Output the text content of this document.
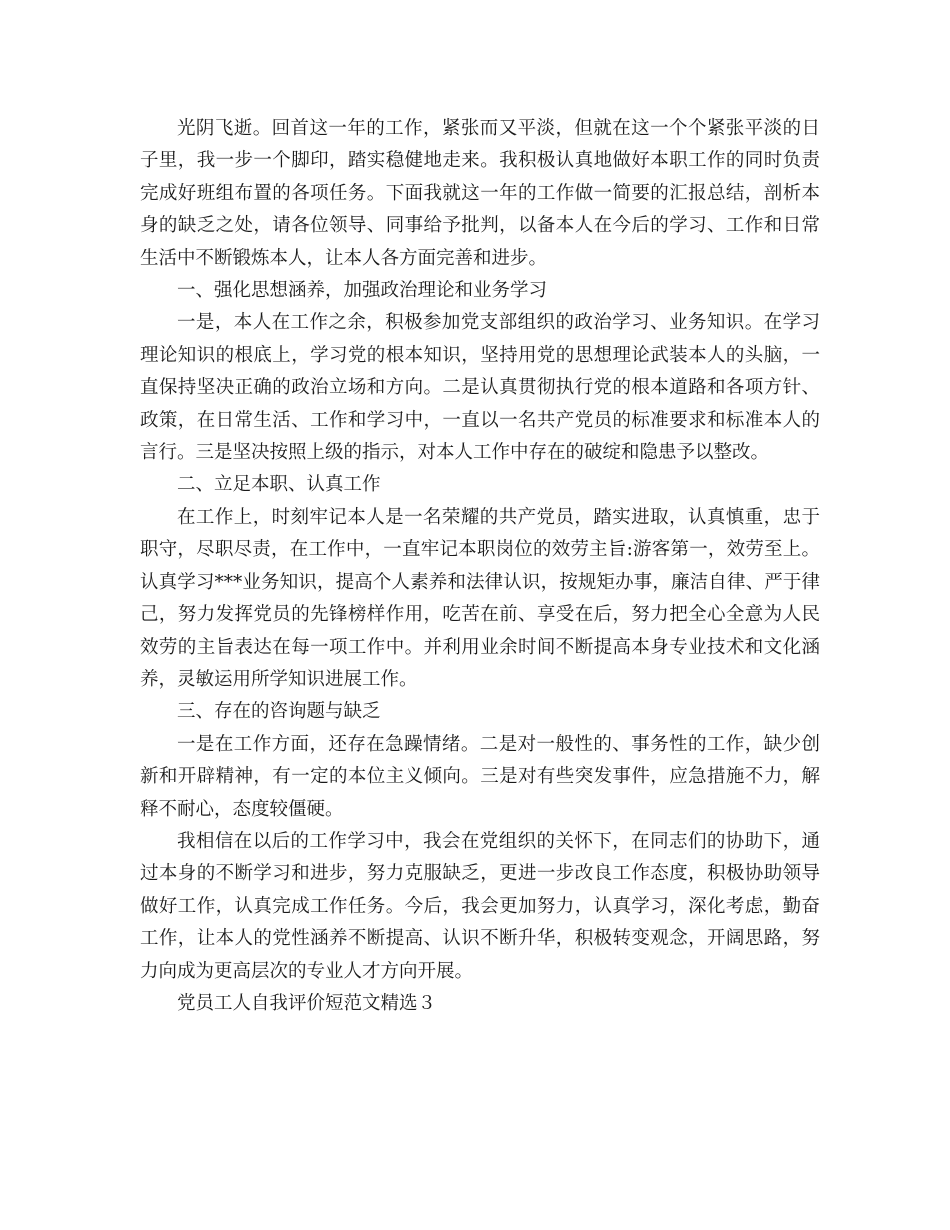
光阴飞逝。回首这一年的工作，紧张而又平淡，但就在这一个个紧张平淡的日子里，我一步一个脚印，踏实稳健地走来。我积极认真地做好本职工作的同时负责完成好班组布置的各项任务。下面我就这一年的工作做一简要的汇报总结，剖析本身的缺乏之处，请各位领导、同事给予批判，以备本人在今后的学习、工作和日常生活中不断锻炼本人，让本人各方面完善和进步。

一、强化思想涵养，加强政治理论和业务学习

一是，本人在工作之余，积极参加党支部组织的政治学习、业务知识。在学习理论知识的根底上，学习党的根本知识，坚持用党的思想理论武装本人的头脑，一直保持坚决正确的政治立场和方向。二是认真贯彻执行党的根本道路和各项方针、政策，在日常生活、工作和学习中，一直以一名共产党员的标准要求和标准本人的言行。三是坚决按照上级的指示，对本人工作中存在的破绽和隐患予以整改。

二、立足本职、认真工作

在工作上，时刻牢记本人是一名荣耀的共产党员，踏实进取，认真慎重，忠于职守，尽职尽责，在工作中，一直牢记本职岗位的效劳主旨:游客第一，效劳至上。认真学习***业务知识，提高个人素养和法律认识，按规矩办事，廉洁自律、严于律己，努力发挥党员的先锋榜样作用，吃苦在前、享受在后，努力把全心全意为人民效劳的主旨表达在每一项工作中。并利用业余时间不断提高本身专业技术和文化涵养，灵敏运用所学知识进展工作。

三、存在的咨询题与缺乏

一是在工作方面，还存在急躁情绪。二是对一般性的、事务性的工作，缺少创新和开辟精神，有一定的本位主义倾向。三是对有些突发事件，应急措施不力，解释不耐心，态度较僵硬。

我相信在以后的工作学习中，我会在党组织的关怀下，在同志们的协助下，通过本身的不断学习和进步，努力克服缺乏，更进一步改良工作态度，积极协助领导做好工作，认真完成工作任务。今后，我会更加努力，认真学习，深化考虑，勤奋工作，让本人的党性涵养不断提高、认识不断升华，积极转变观念，开阔思路，努力向成为更高层次的专业人才方向开展。

党员工人自我评价短范文精选３
